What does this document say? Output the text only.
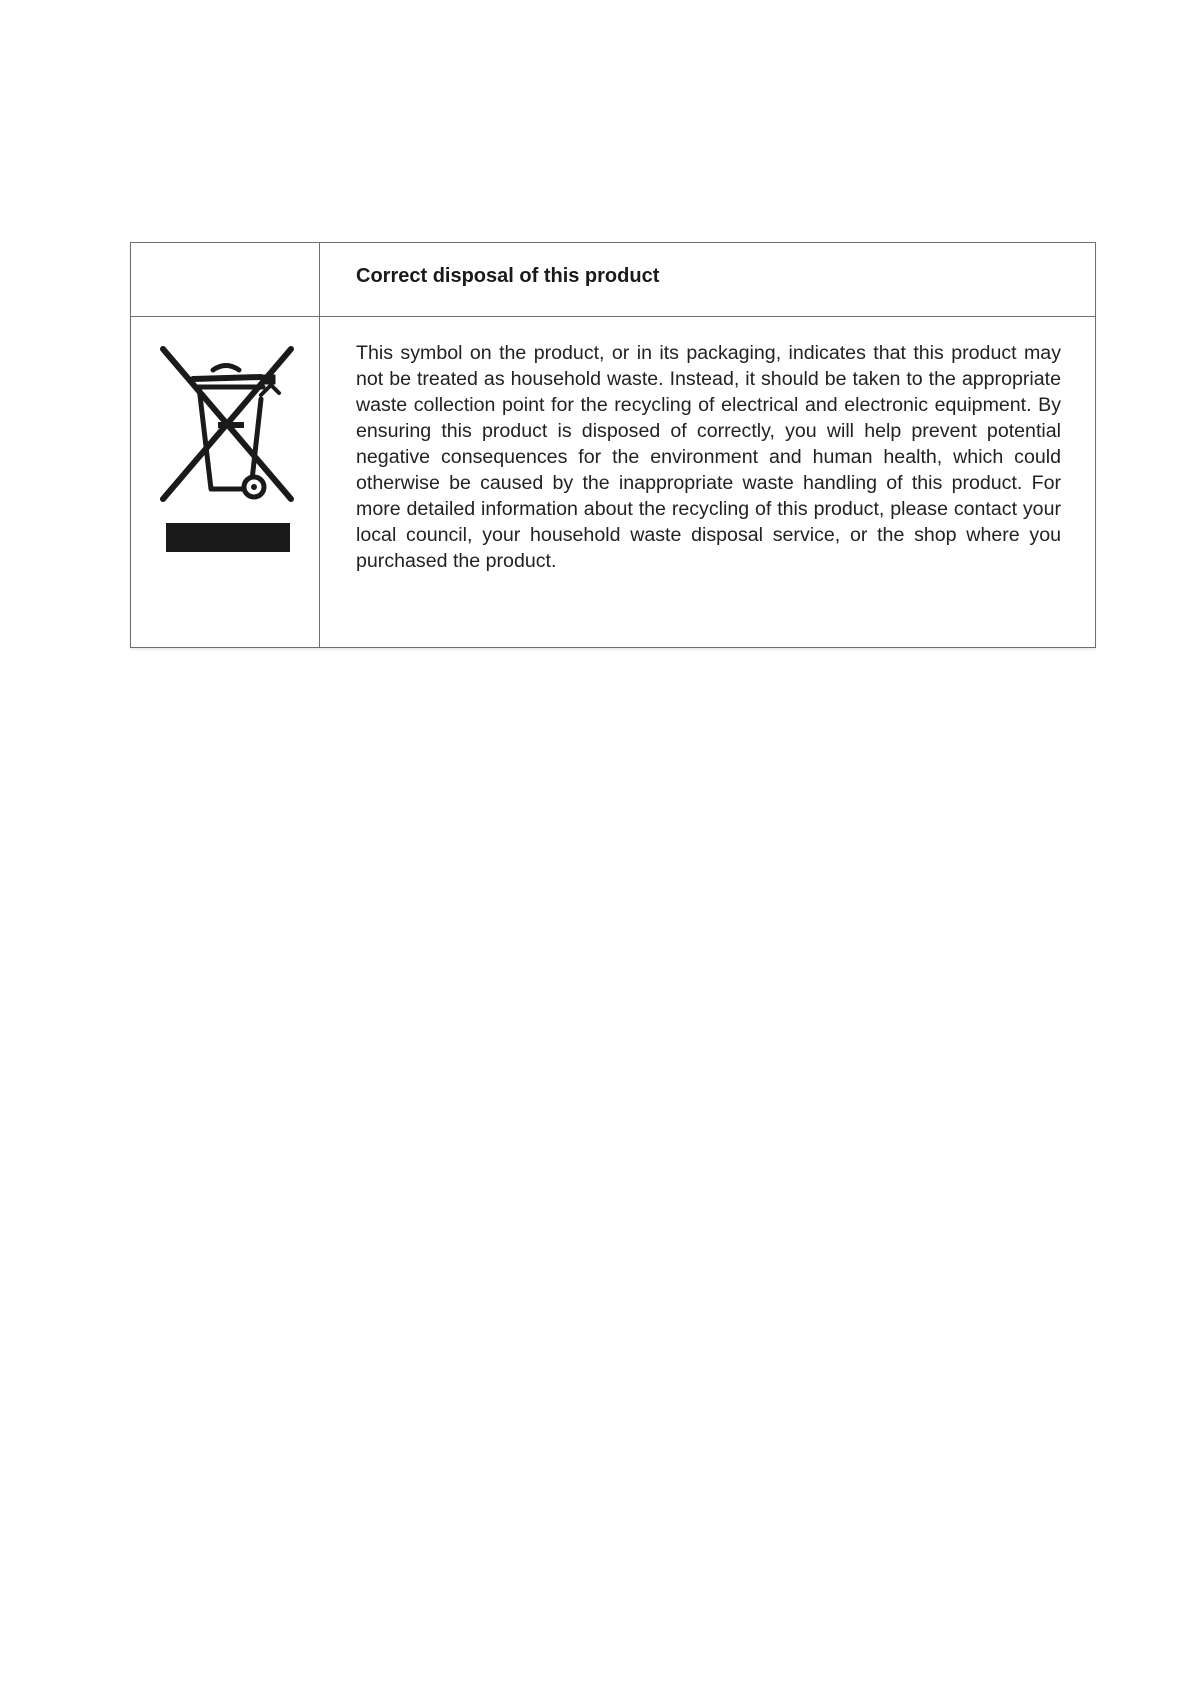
Correct disposal of this product

This symbol on the product, or in its packaging, indicates that this product may not be treated as household waste. Instead, it should be taken to the appropriate waste collection point for the recycling of electrical and electronic equipment. By ensuring this product is disposed of correctly, you will help prevent potential negative consequences for the environment and human health, which could otherwise be caused by the inappropriate waste handling of this product. For more detailed information about the recycling of this product, please contact your local council, your household waste disposal service, or the shop where you purchased the product.
